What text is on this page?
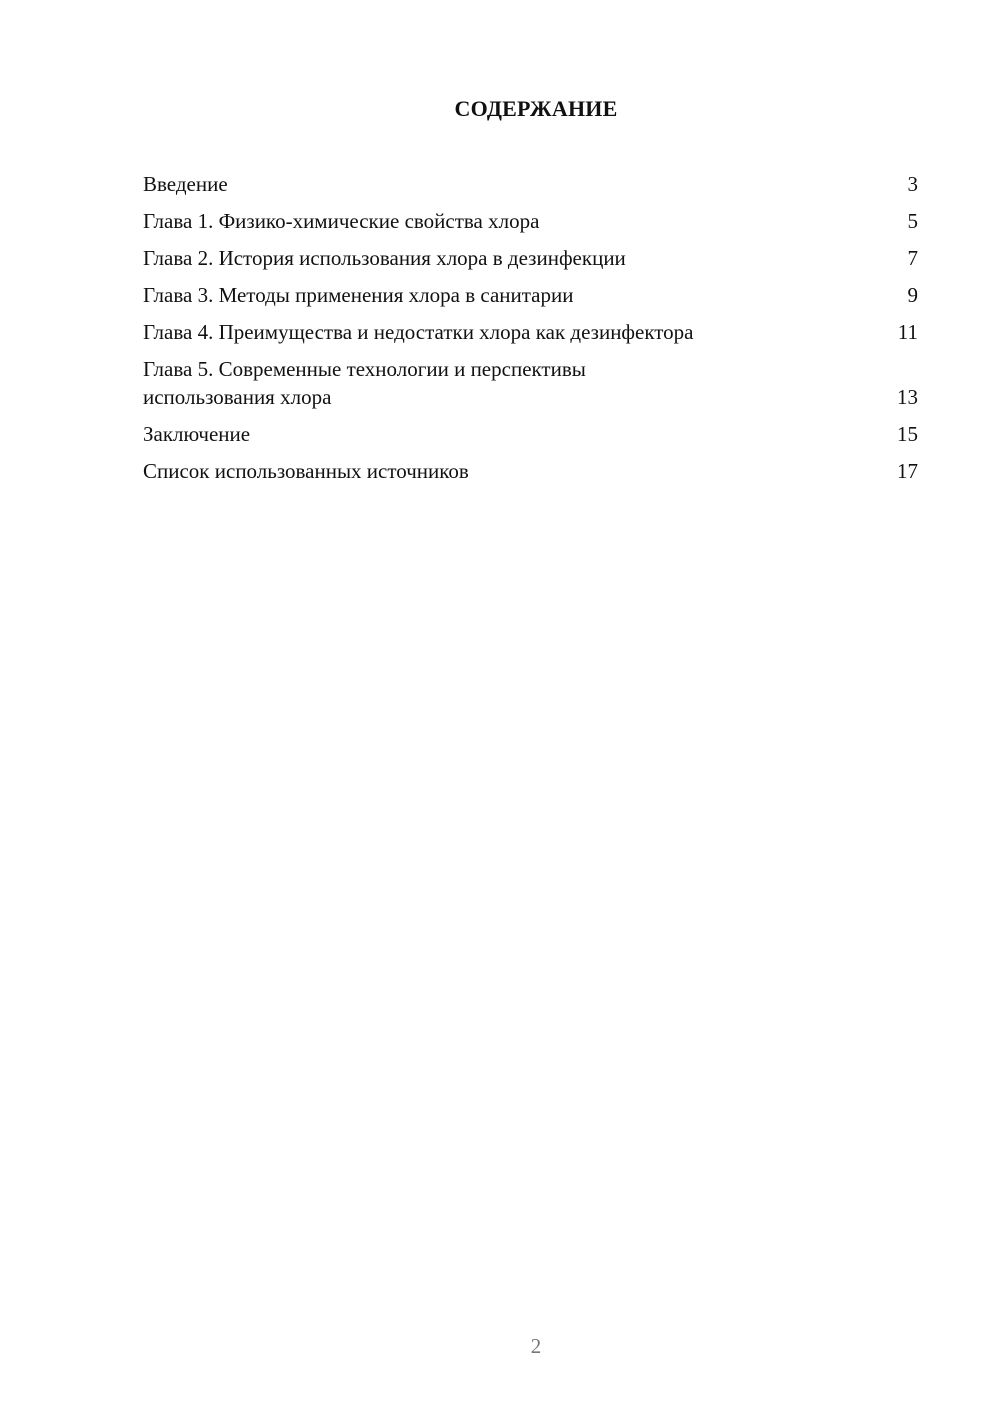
СОДЕРЖАНИЕ
Введение	3
Глава 1. Физико-химические свойства хлора	5
Глава 2. История использования хлора в дезинфекции	7
Глава 3. Методы применения хлора в санитарии	9
Глава 4. Преимущества и недостатки хлора как дезинфектора	11
Глава 5. Современные технологии и перспективы использования хлора	13
Заключение	15
Список использованных источников	17
2
